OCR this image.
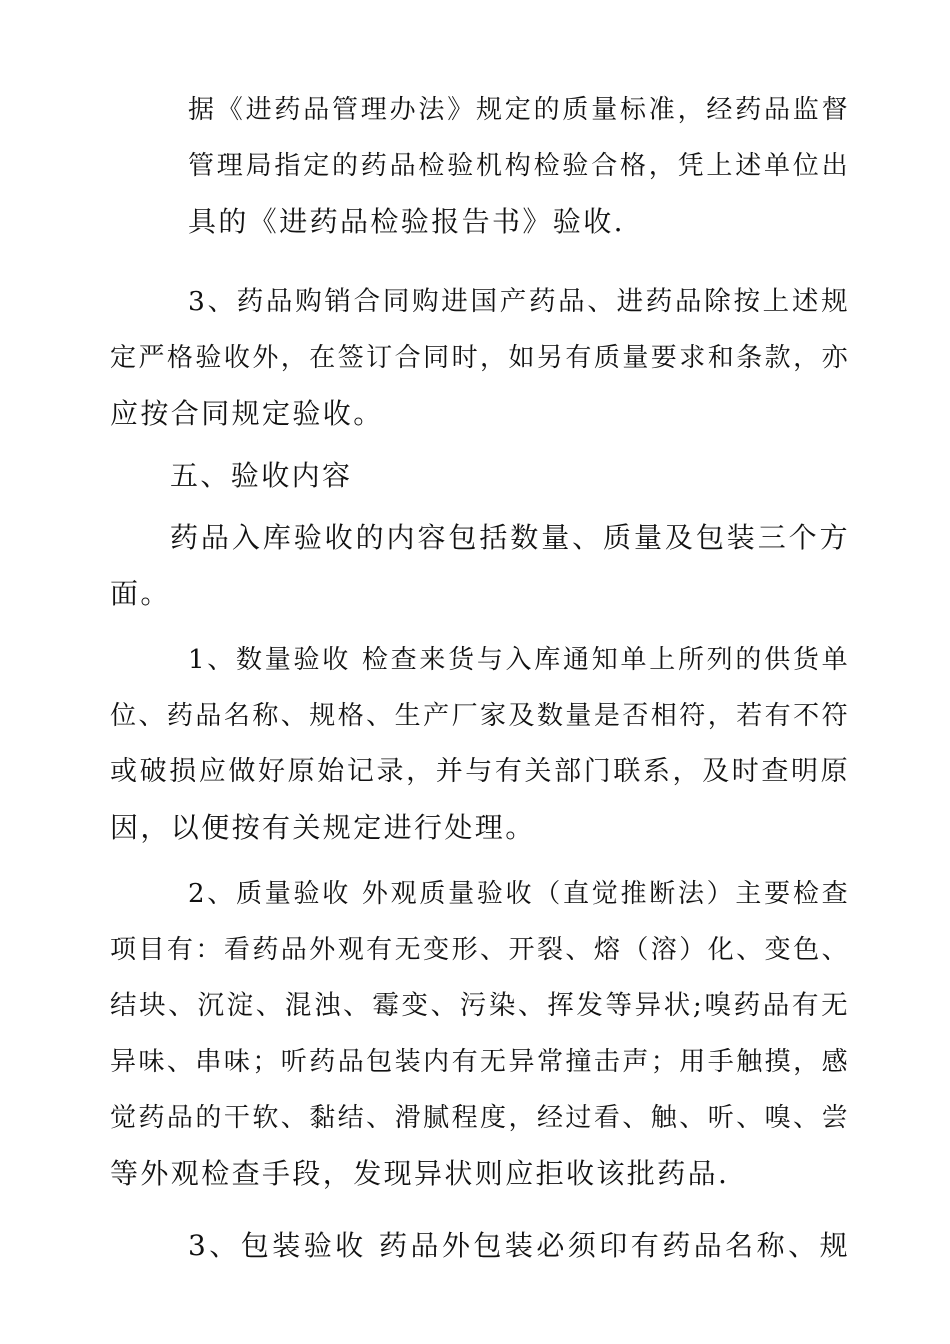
据《进药品管理办法》规定的质量标准，经药品监督
管理局指定的药品检验机构检验合格，凭上述单位出
具的《进药品检验报告书》验收.
3、药品购销合同购进国产药品、进药品除按上述规
定严格验收外，在签订合同时，如另有质量要求和条款，亦
应按合同规定验收。
五、验收内容
药品入库验收的内容包括数量、质量及包装三个方
面。
1、数量验收 检查来货与入库通知单上所列的供货单
位、药品名称、规格、生产厂家及数量是否相符，若有不符
或破损应做好原始记录，并与有关部门联系，及时查明原
因，以便按有关规定进行处理。
2、质量验收 外观质量验收（直觉推断法）主要检查
项目有：看药品外观有无变形、开裂、熔（溶）化、变色、
结块、沉淀、混浊、霉变、污染、挥发等异状;嗅药品有无
异味、串味；听药品包装内有无异常撞击声；用手触摸，感
觉药品的干软、黏结、滑腻程度，经过看、触、听、嗅、尝
等外观检查手段，发现异状则应拒收该批药品.
3、包装验收 药品外包装必须印有药品名称、规
